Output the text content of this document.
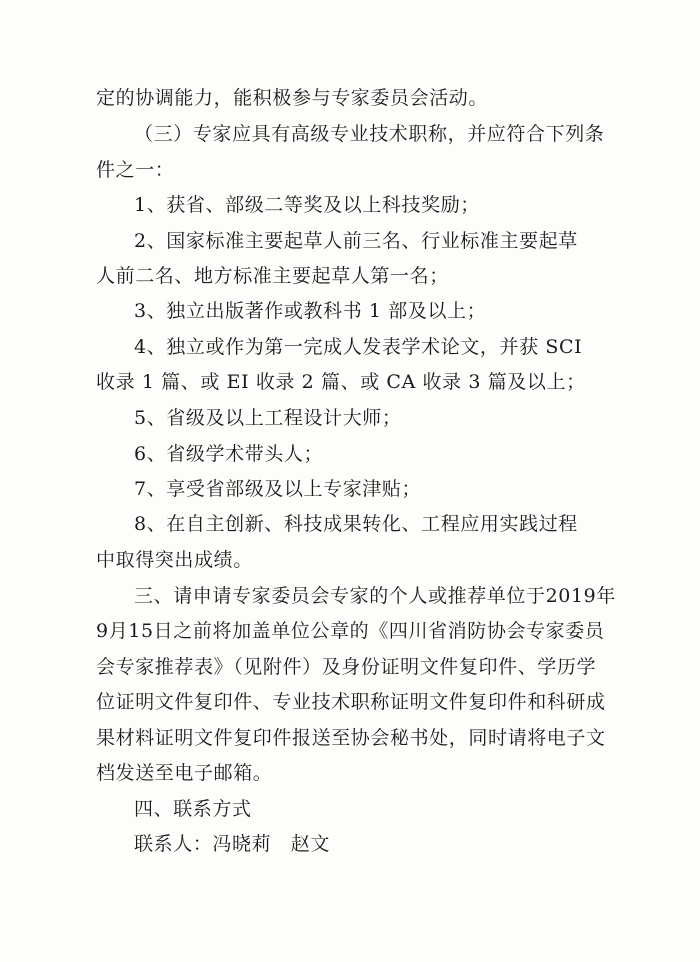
定的协调能力，能积极参与专家委员会活动。
（三）专家应具有高级专业技术职称，并应符合下列条
件之一：
1、获省、部级二等奖及以上科技奖励；
2、国家标准主要起草人前三名、行业标准主要起草
人前二名、地方标准主要起草人第一名；
3、独立出版著作或教科书 1 部及以上；
4、独立或作为第一完成人发表学术论文，并获 SCI
收录 1 篇、或 EI 收录 2 篇、或 CA 收录 3 篇及以上；
5、省级及以上工程设计大师；
6、省级学术带头人；
7、享受省部级及以上专家津贴；
8、在自主创新、科技成果转化、工程应用实践过程
中取得突出成绩。
三、请申请专家委员会专家的个人或推荐单位于2019年
9月15日之前将加盖单位公章的《四川省消防协会专家委员
会专家推荐表》（见附件）及身份证明文件复印件、学历学
位证明文件复印件、专业技术职称证明文件复印件和科研成
果材料证明文件复印件报送至协会秘书处，同时请将电子文
档发送至电子邮箱。
四、联系方式
联系人：冯晓莉　赵文
